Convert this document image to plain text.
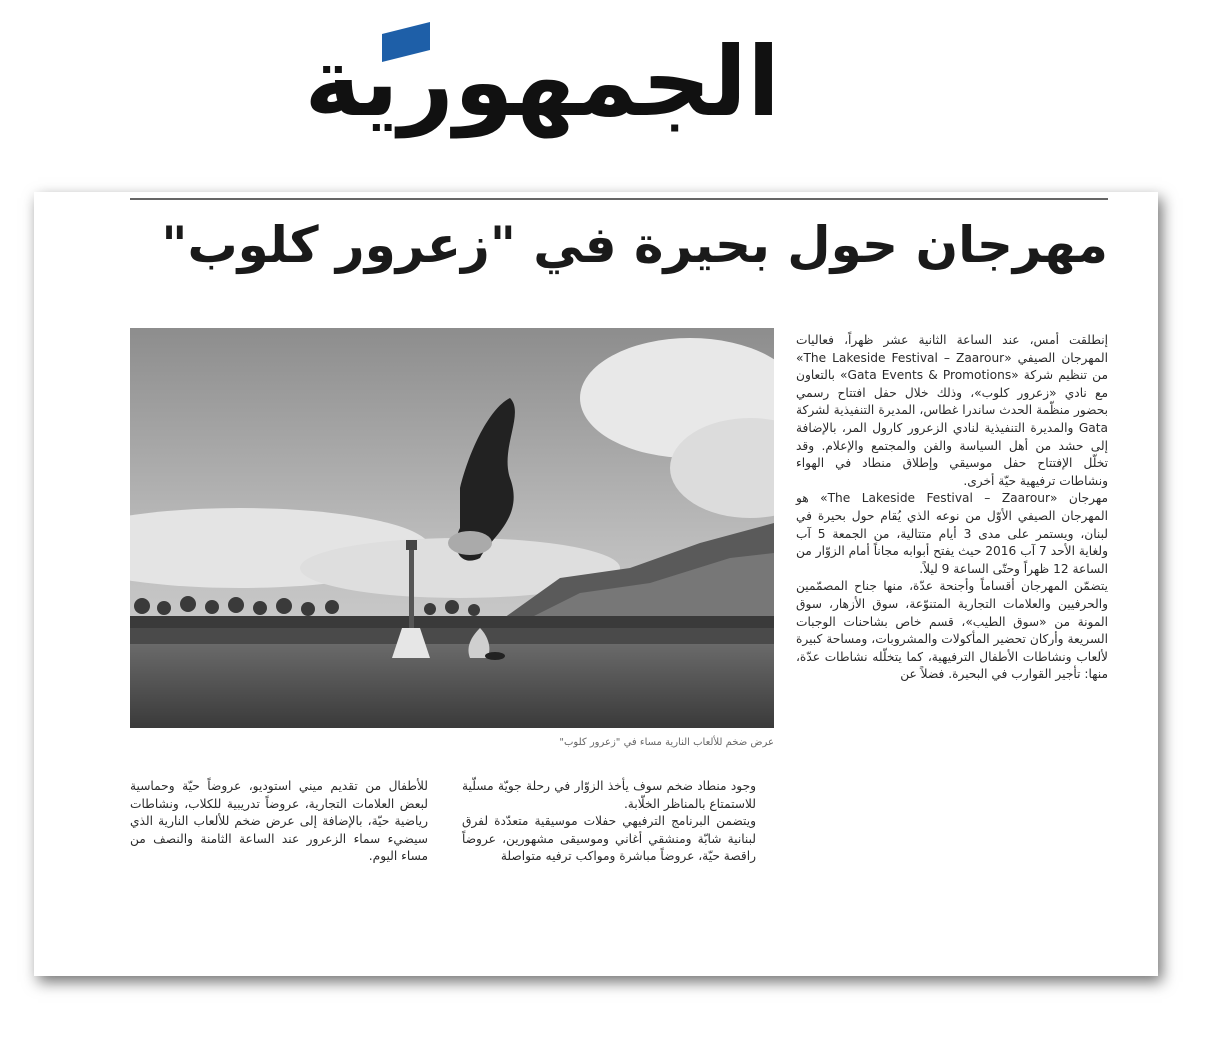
الجمهورية
مهرجان حول بحيرة في "زعرور كلوب"
عرض ضخم للألعاب النارية مساء في "زعرور كلوب"

إنطلقت أمس، عند الساعة الثانية عشر ظهراً، فعاليات المهرجان الصيفي «The Lakeside Festival – Zaarour» من تنظيم شركة «Gata Events & Promotions» بالتعاون مع نادي «زعرور كلوب»، وذلك خلال حفل افتتاح رسمي بحضور منظّمة الحدث ساندرا غطاس، المديرة التنفيذية لشركة Gata والمديرة التنفيذية لنادي الزعرور كارول المر، بالإضافة إلى حشد من أهل السياسة والفن والمجتمع والإعلام. وقد تخلّل الإفتتاح حفل موسيقي وإطلاق منطاد في الهواء ونشاطات ترفيهية حيّة أخرى.

مهرجان «The Lakeside Festival – Zaarour» هو المهرجان الصيفي الأوّل من نوعه الذي يُقام حول بحيرة في لبنان، ويستمر على مدى 3 أيام متتالية، من الجمعة 5 آب ولغاية الأحد 7 آب 2016 حيث يفتح أبوابه مجاناً أمام الزوّار من الساعة 12 ظهراً وحتّى الساعة 9 ليلاً.

يتضمّن المهرجان أقساماً وأجنحة عدّة، منها جناح المصمّمين والحرفيين والعلامات التجارية المتنوّعة، سوق الأزهار، سوق المونة من «سوق الطيب»، قسم خاص بشاحنات الوجبات السريعة وأركان تحضير المأكولات والمشروبات، ومساحة كبيرة لألعاب ونشاطات الأطفال الترفيهية، كما يتخلّله نشاطات عدّة، منها: تأجير القوارب في البحيرة. فضلاً عن

وجود منطاد ضخم سوف يأخذ الزوّار في رحلة جويّة مسلّية للاستمتاع بالمناظر الخلّابة.

ويتضمن البرنامج الترفيهي حفلات موسيقية متعدّدة لفرق لبنانية شابّة ومنشقي أغاني وموسيقى مشهورين، عروضاً راقصة حيّة، عروضاً مباشرة ومواكب ترفيه متواصلة

للأطفال من تقديم ميني استوديو، عروضاً حيّة وحماسية لبعض العلامات التجارية، عروضاً تدريبية للكلاب، ونشاطات رياضية حيّة، بالإضافة إلى عرض ضخم للألعاب النارية الذي سيضيء سماء الزعرور عند الساعة الثامنة والنصف من مساء اليوم.
